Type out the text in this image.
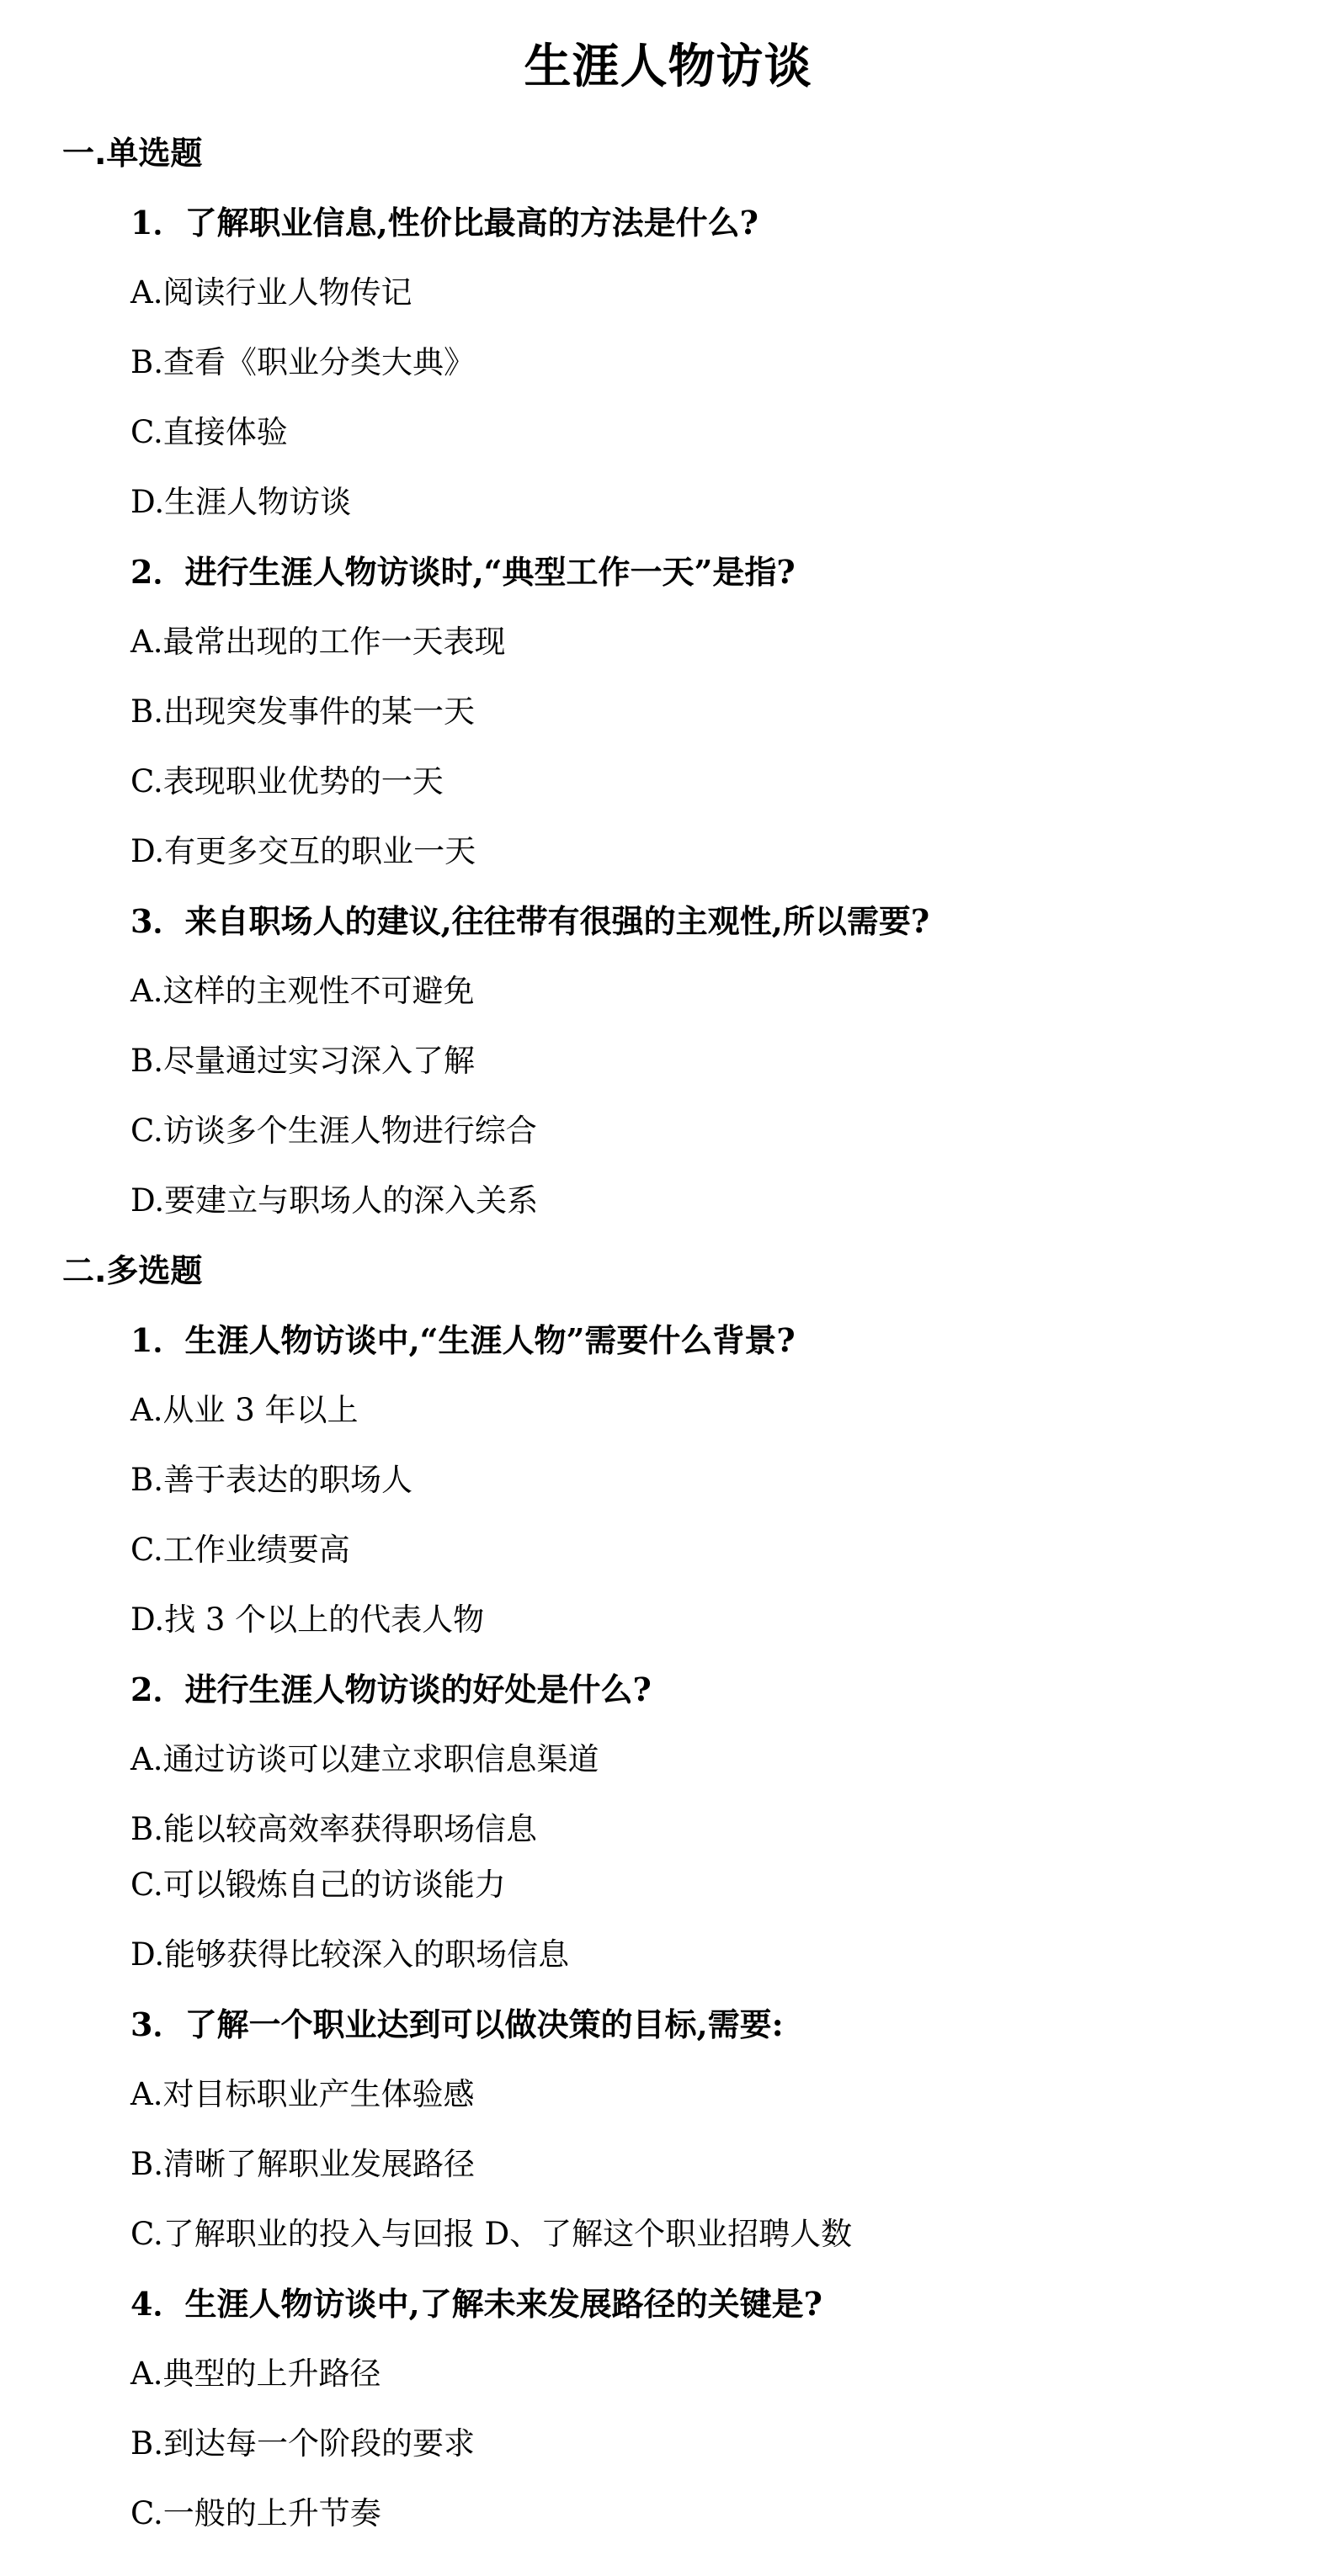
生涯人物访谈
一.单选题
1．了解职业信息,性价比最高的方法是什么?
A.阅读行业人物传记
B.查看《职业分类大典》
C.直接体验
D.生涯人物访谈
2．进行生涯人物访谈时,“典型工作一天”是指?
A.最常出现的工作一天表现
B.出现突发事件的某一天
C.表现职业优势的一天
D.有更多交互的职业一天
3．来自职场人的建议,往往带有很强的主观性,所以需要?
A.这样的主观性不可避免
B.尽量通过实习深入了解
C.访谈多个生涯人物进行综合
D.要建立与职场人的深入关系
二.多选题
1．生涯人物访谈中,“生涯人物”需要什么背景?
A.从业 3 年以上
B.善于表达的职场人
C.工作业绩要高
D.找 3 个以上的代表人物
2．进行生涯人物访谈的好处是什么?
A.通过访谈可以建立求职信息渠道
B.能以较高效率获得职场信息
C.可以锻炼自己的访谈能力
D.能够获得比较深入的职场信息
3．了解一个职业达到可以做决策的目标,需要:
A.对目标职业产生体验感
B.清晰了解职业发展路径
C.了解职业的投入与回报 D、了解这个职业招聘人数
4．生涯人物访谈中,了解未来发展路径的关键是?
A.典型的上升路径
B.到达每一个阶段的要求
C.一般的上升节奏
